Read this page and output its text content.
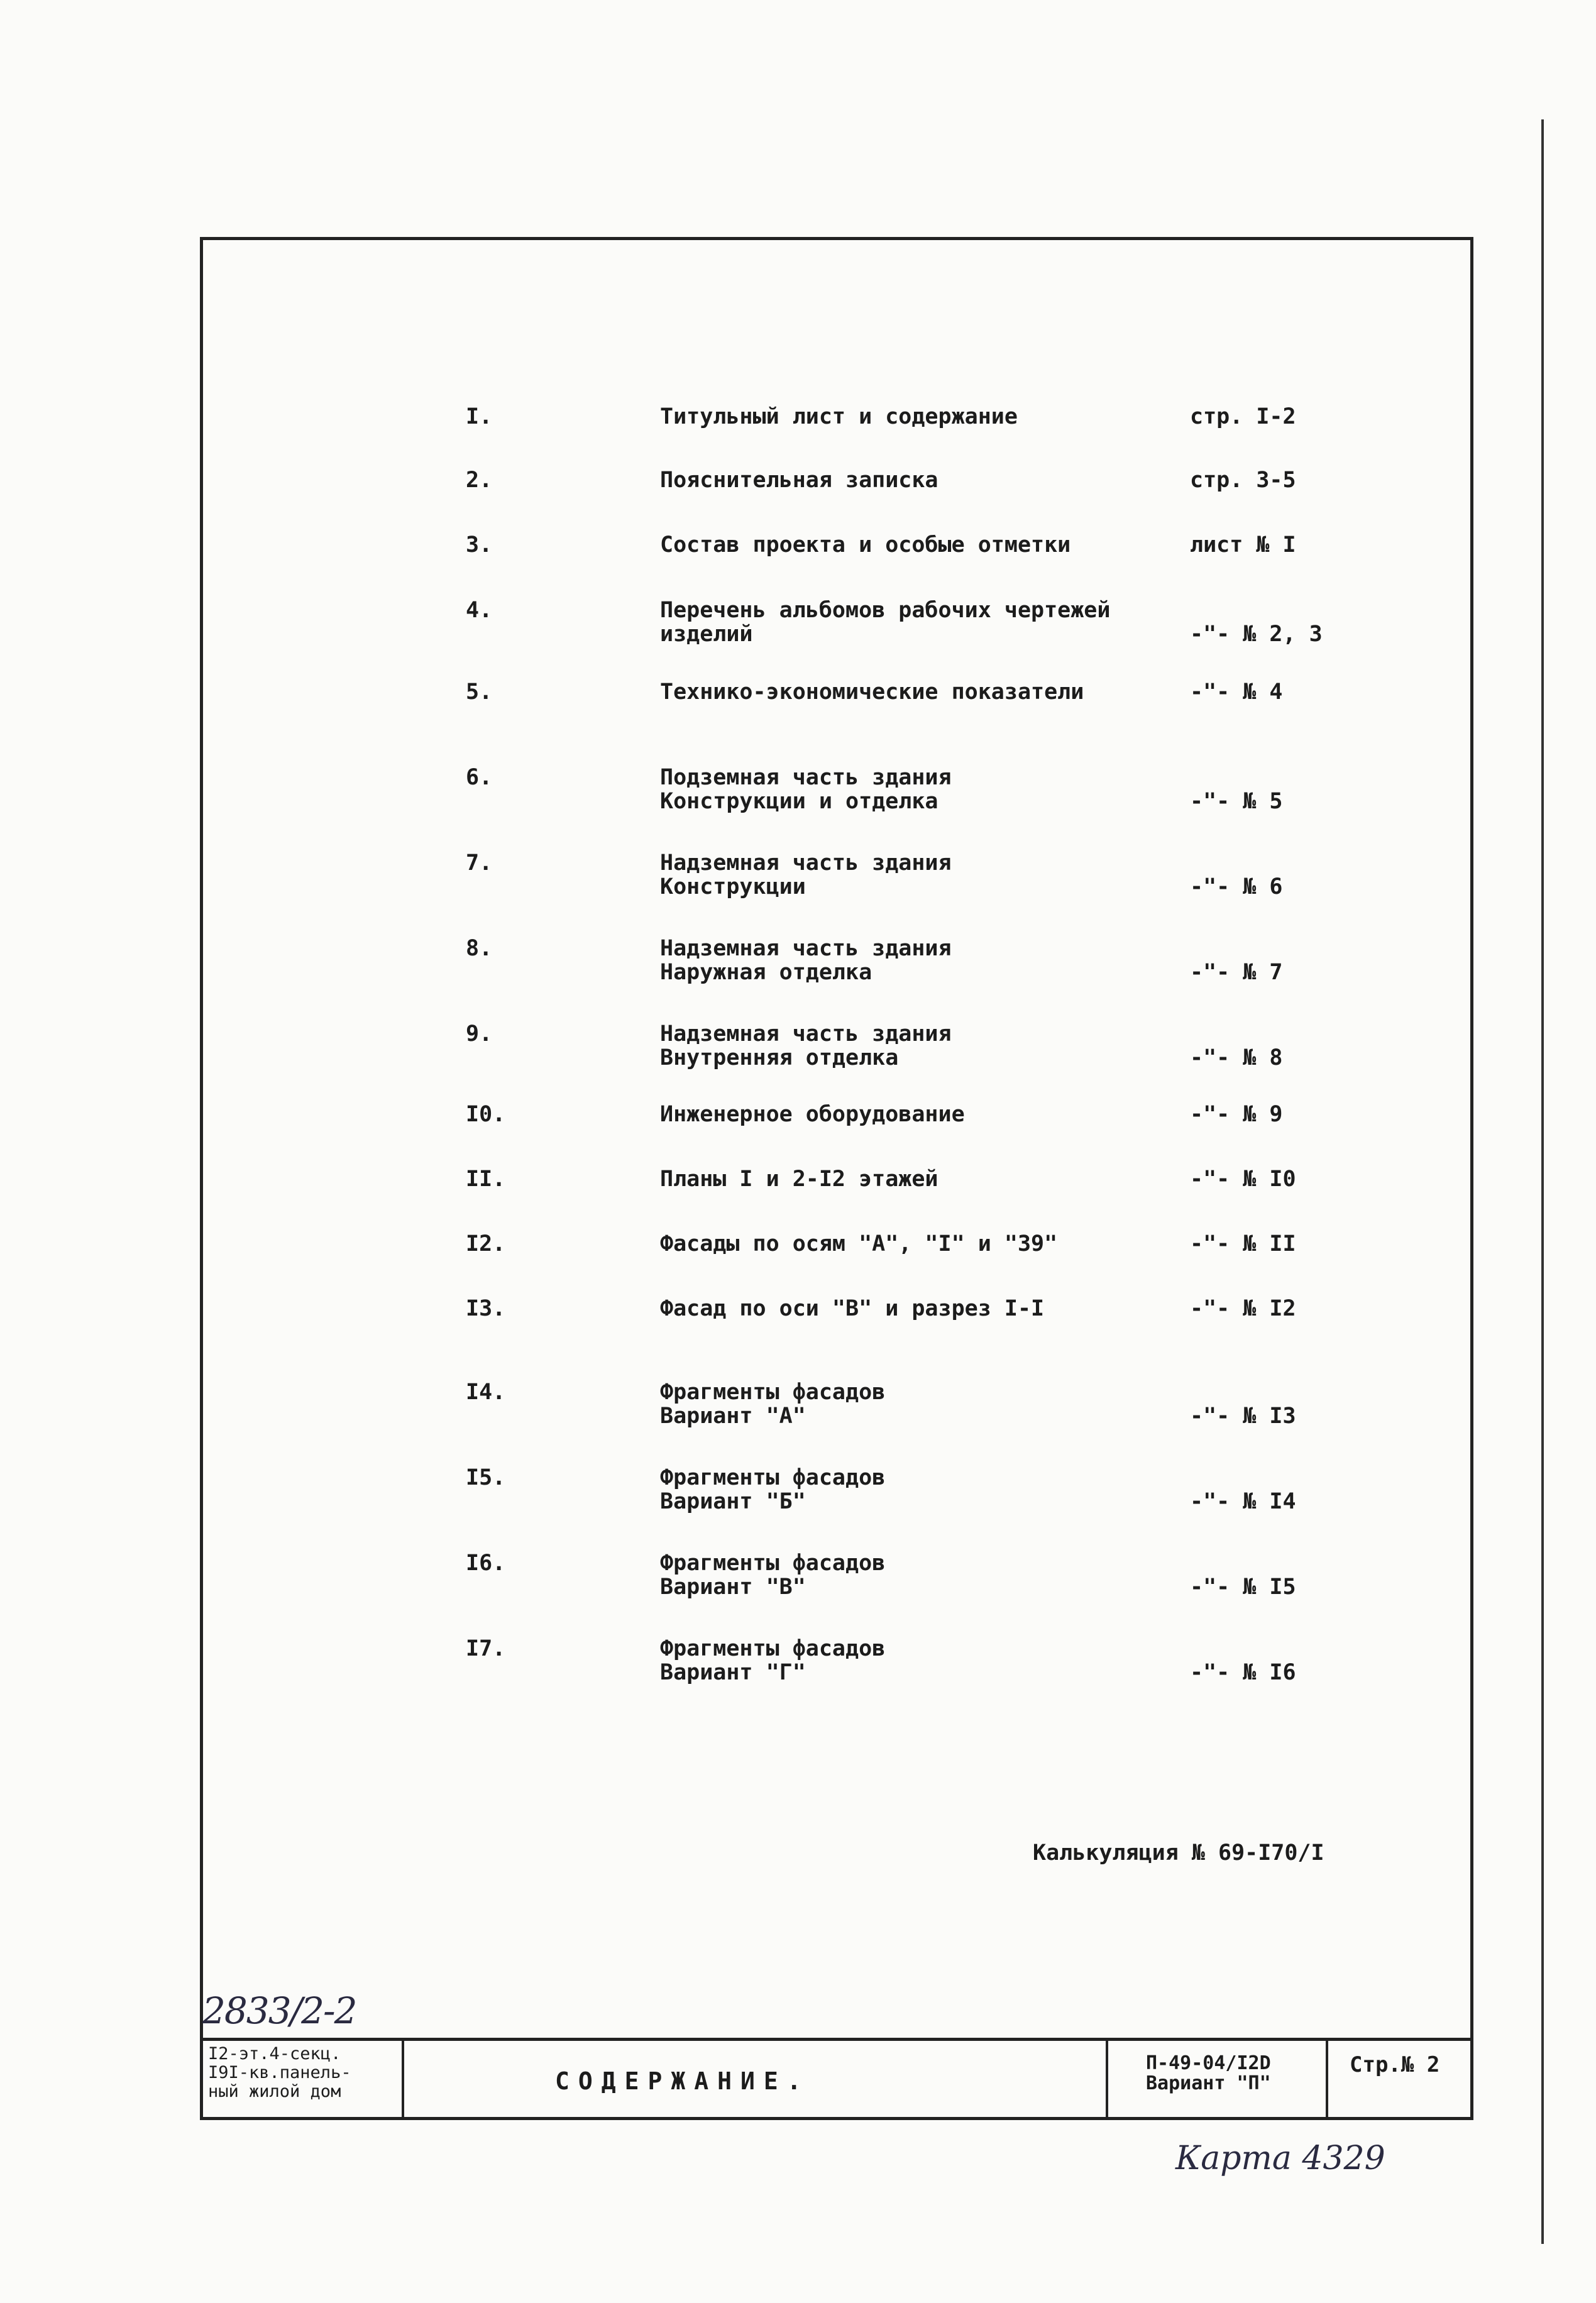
I.	Титульный лист и содержание	стр. I-2
2.	Пояснительная записка	стр. 3-5
3.	Состав проекта и особые отметки	лист № I
4.	Перечень альбомов рабочих чертежей
изделий	-"- № 2, 3
5.	Технико-экономические показатели	-"- № 4
6.	Подземная часть здания
Конструкции и отделка	-"- № 5
7.	Надземная часть здания
Конструкции	-"- № 6
8.	Надземная часть здания
Наружная отделка	-"- № 7
9.	Надземная часть здания
Внутренняя отделка	-"- № 8
I0.	Инженерное оборудование	-"- № 9
II.	Планы I и 2-I2 этажей	-"- № I0
I2.	Фасады по осям "А", "I" и "39"	-"- № II
I3.	Фасад по оси "В" и разрез I-I	-"- № I2
I4.	Фрагменты фасадов
Вариант "А"	-"- № I3
I5.	Фрагменты фасадов
Вариант "Б"	-"- № I4
I6.	Фрагменты фасадов
Вариант "В"	-"- № I5
I7.	Фрагменты фасадов
Вариант "Г"	-"- № I6
Калькуляция № 69-I70/I
I2-эт.4-секц.
I9I-кв.панель-
ный жилой дом	СОДЕРЖАНИЕ.
П-49-04/I2D
Вариант "П"
Стр.№ 2
2833/2-2
Карта 4329
